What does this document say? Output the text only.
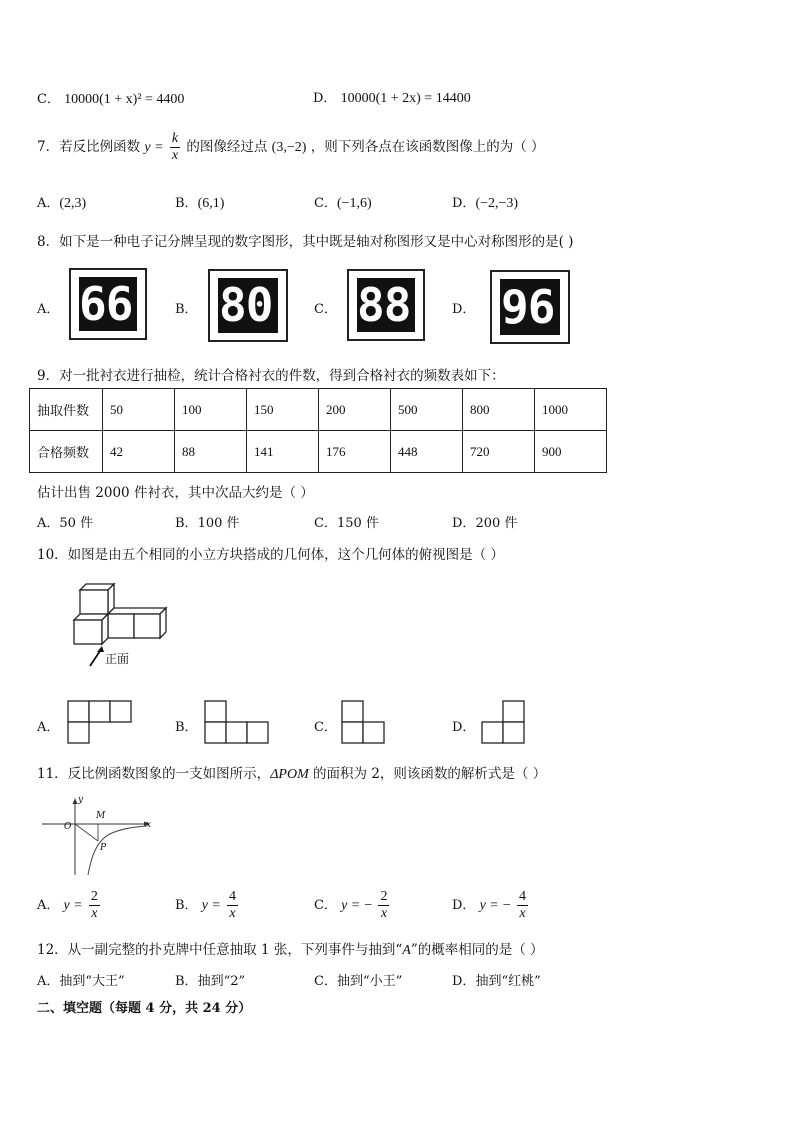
C． 10000(1 + x)² = 4400	D． 10000(1 + 2x) = 14400
7．若反比例函数 $y = \frac{k}{x}$ 的图像经过点 (3,−2) ，则下列各点在该函数图像上的为（ ）
A．(2,3)	B．(6,1)	C．(−1,6)	D．(−2,−3)
8．如下是一种电子记分牌呈现的数字图形，其中既是轴对称图形又是中心对称图形的是( )
A． 66	B． 80	C． 88	D． 96
9．对一批衬衣进行抽检，统计合格衬衣的件数，得到合格衬衣的频数表如下：
抽取件数	50	100	150	200	500	800	1000
合格频数	42	88	141	176	448	720	900
估计出售 2000 件衬衣，其中次品大约是（ ）
A．50 件	B．100 件	C．150 件	D．200 件
10．如图是由五个相同的小立方块搭成的几何体，这个几何体的俯视图是（ ）
正面
A．	B．	C．	D．
11．反比例函数图象的一支如图所示，ΔPOM 的面积为 2，则该函数的解析式是（ ）
y
x
O
M
P
A． $y = \frac{2}{x}$	B． $y = \frac{4}{x}$	C． y = − $\frac{2}{x}$	D． y = − $\frac{4}{x}$
12．从一副完整的扑克牌中任意抽取 1 张，下列事件与抽到“A”的概率相同的是（ ）
A．抽到“大王”	B．抽到“2”	C．抽到“小王”	D．抽到“红桃”
二、填空题（每题 4 分，共 24 分）
